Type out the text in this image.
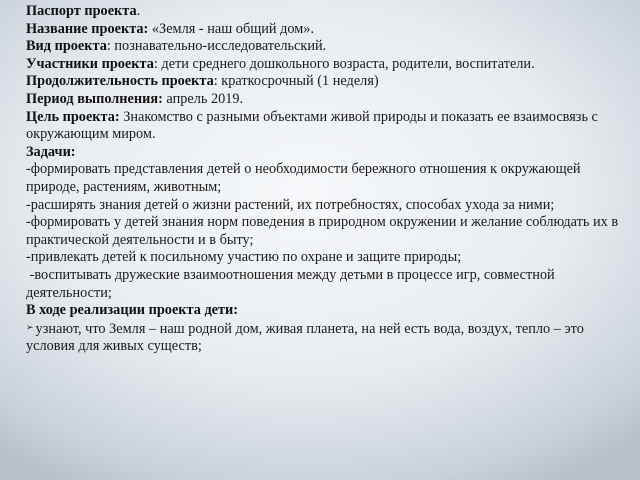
Паспорт проекта.

Название проекта: «Земля - наш общий дом».

Вид проекта: познавательно-исследовательский.

Участники проекта: дети среднего дошкольного возраста, родители, воспитатели.

Продолжительность проекта: краткосрочный (1 неделя)

Период выполнения: апрель 2019.

Цель проекта: Знакомство с разными объектами живой природы и показать ее взаимосвязь с окружающим миром.

Задачи:

-формировать представления детей о необходимости бережного отношения к окружающей природе, растениям, животным;

-расширять знания детей о жизни растений, их потребностях, способах ухода за ними;

-формировать у детей знания норм поведения в природном окружении и желание соблюдать их в практической деятельности и в быту;

-привлекать детей к посильному участию по охране и защите природы;

-воспитывать дружеские взаимоотношения между детьми в процессе игр, совместной деятельности;

В ходе реализации проекта дети:

➢ узнают, что Земля – наш родной дом, живая планета, на ней есть вода, воздух, тепло – это условия для живых существ;
